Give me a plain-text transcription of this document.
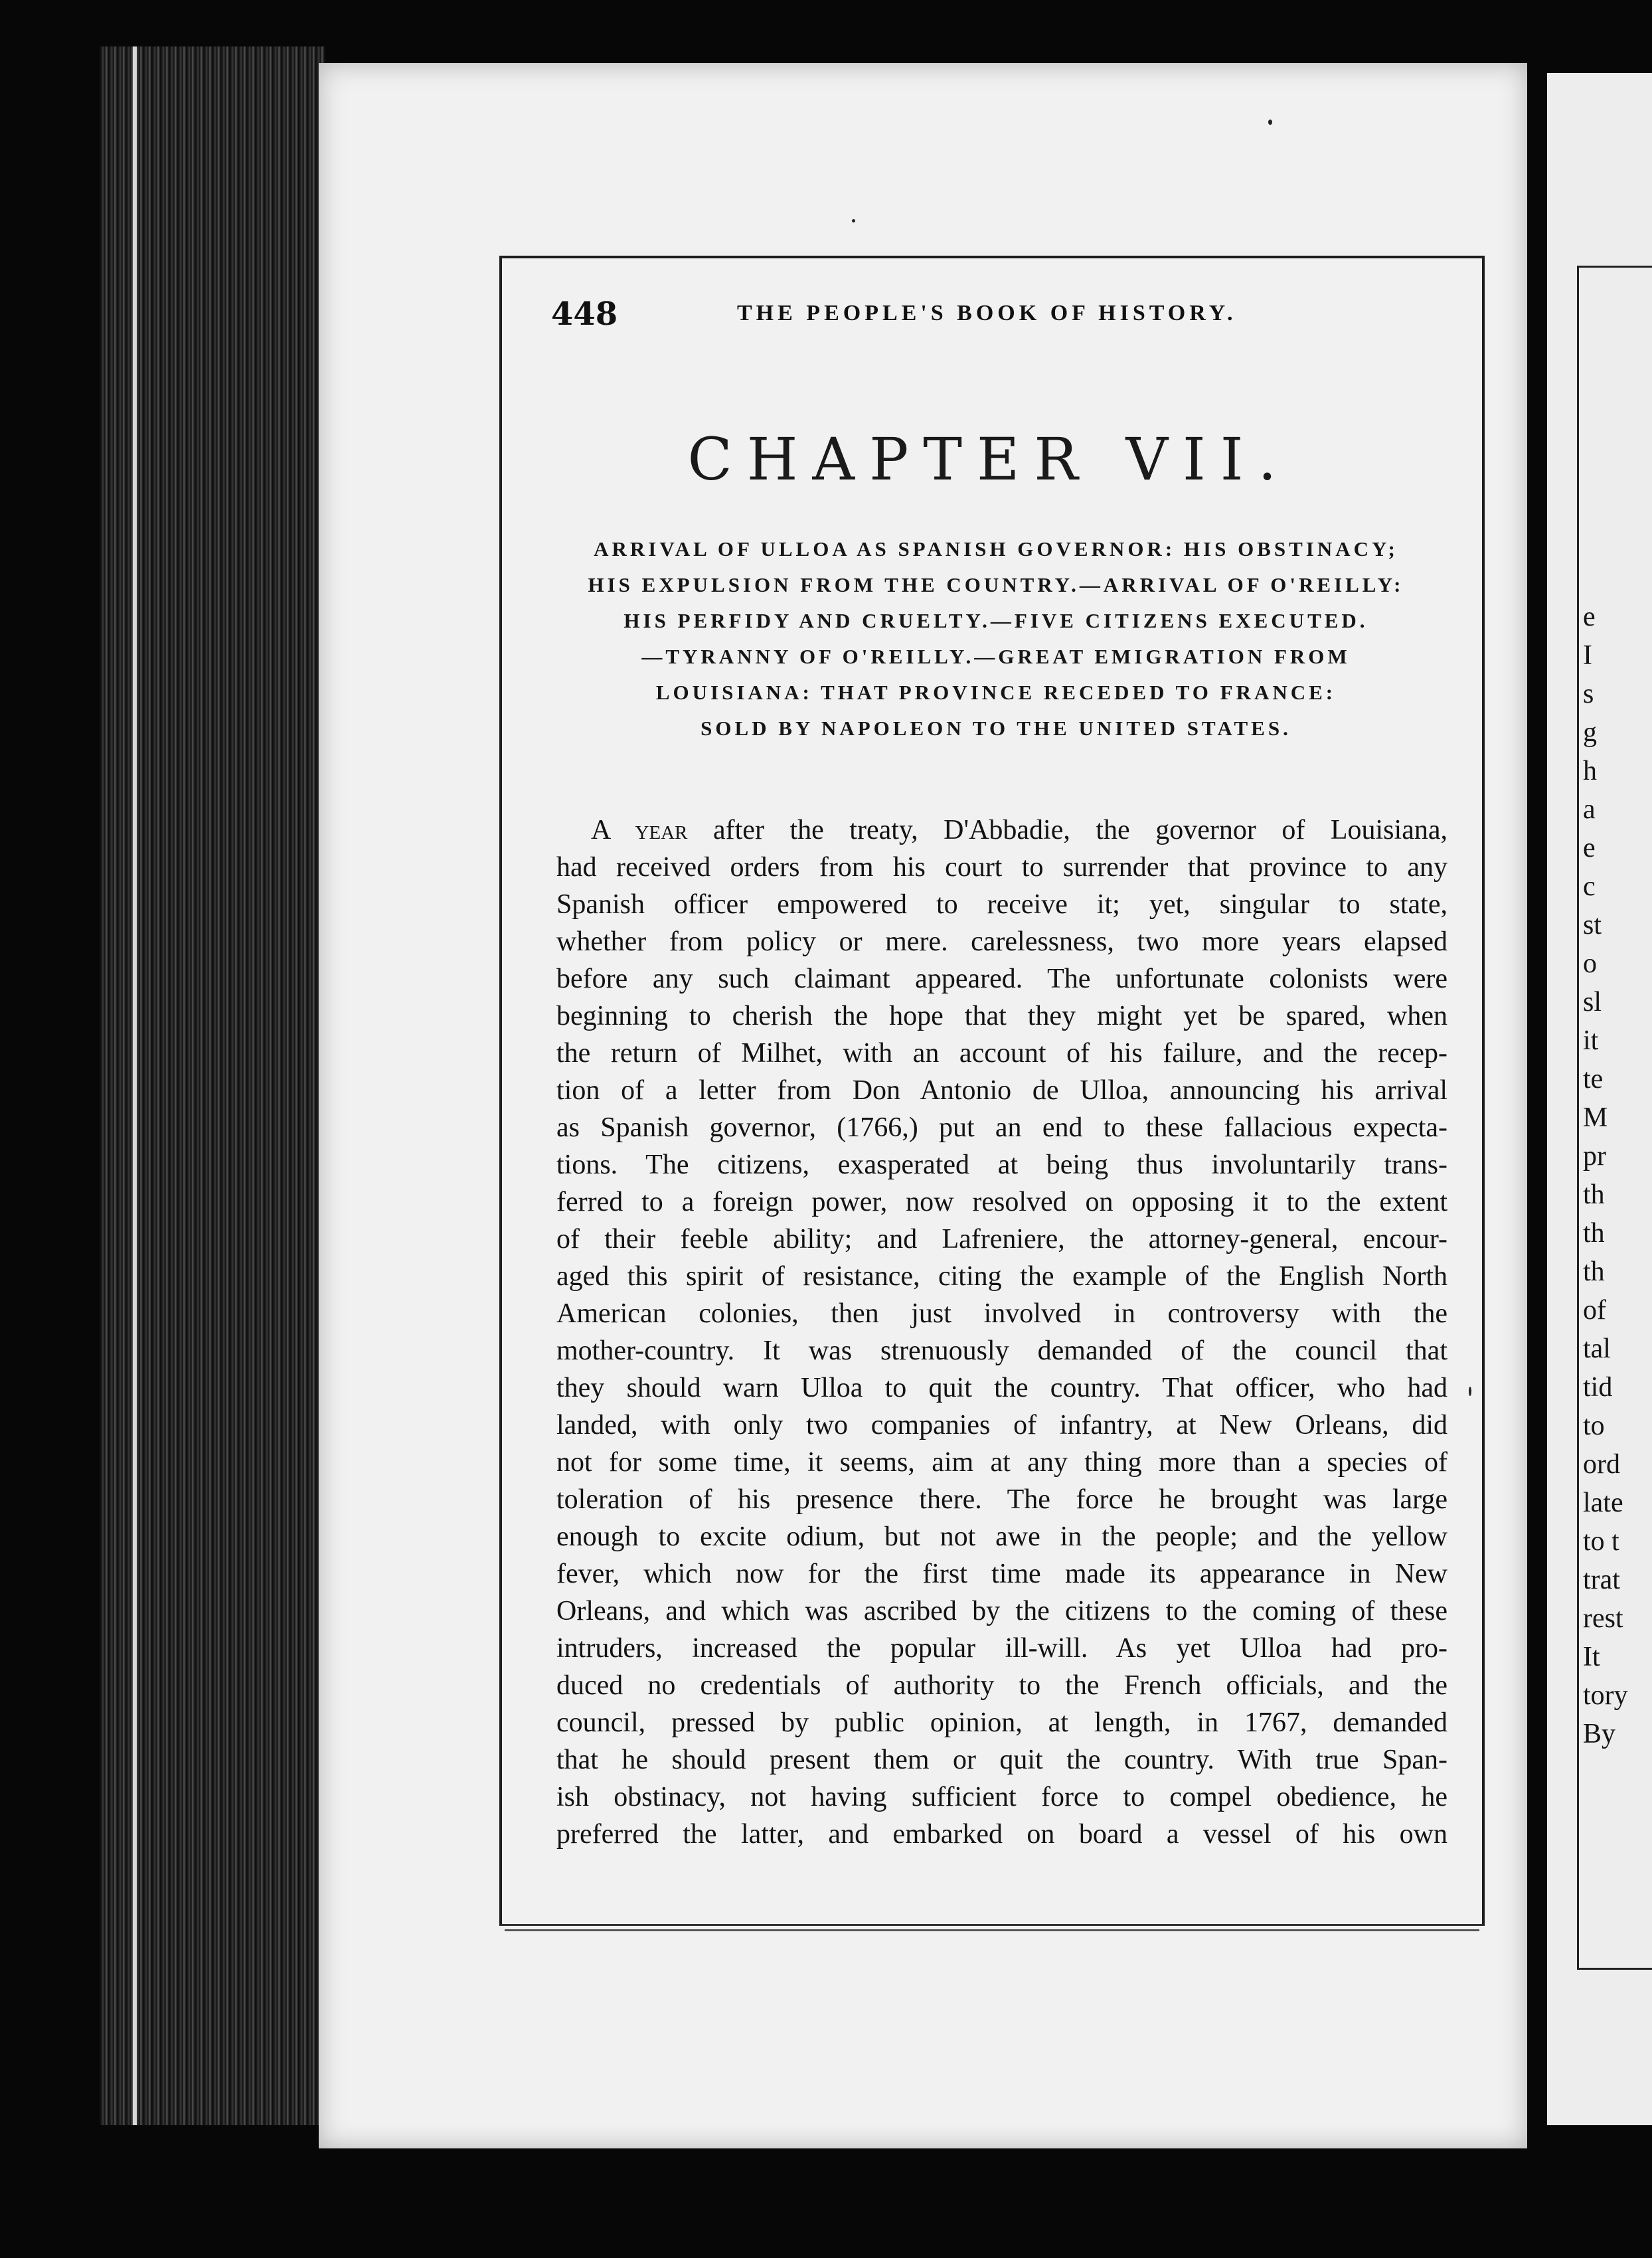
e
I
s
g
h
a
e
c
st
o
sl
it
te
M
pr
th
th
th
of
tal
tid
to
ord
late
to t
trat
rest
It
tory
By
448	THE PEOPLE'S BOOK OF HISTORY.
CHAPTER VII.
ARRIVAL OF ULLOA AS SPANISH GOVERNOR: HIS OBSTINACY;
HIS EXPULSION FROM THE COUNTRY.—ARRIVAL OF O'REILLY:
HIS PERFIDY AND CRUELTY.—FIVE CITIZENS EXECUTED.
—TYRANNY OF O'REILLY.—GREAT EMIGRATION FROM
LOUISIANA: THAT PROVINCE RECEDED TO FRANCE:
SOLD BY NAPOLEON TO THE UNITED STATES.
A year after the treaty, D'Abbadie, the governor of Louisiana,
had received orders from his court to surrender that province to any
Spanish officer empowered to receive it; yet, singular to state,
whether from policy or mere. carelessness, two more years elapsed
before any such claimant appeared. The unfortunate colonists were
beginning to cherish the hope that they might yet be spared, when
the return of Milhet, with an account of his failure, and the recep-
tion of a letter from Don Antonio de Ulloa, announcing his arrival
as Spanish governor, (1766,) put an end to these fallacious expecta-
tions. The citizens, exasperated at being thus involuntarily trans-
ferred to a foreign power, now resolved on opposing it to the extent
of their feeble ability; and Lafreniere, the attorney-general, encour-
aged this spirit of resistance, citing the example of the English North
American colonies, then just involved in controversy with the
mother-country. It was strenuously demanded of the council that
they should warn Ulloa to quit the country. That officer, who had
landed, with only two companies of infantry, at New Orleans, did
not for some time, it seems, aim at any thing more than a species of
toleration of his presence there. The force he brought was large
enough to excite odium, but not awe in the people; and the yellow
fever, which now for the first time made its appearance in New
Orleans, and which was ascribed by the citizens to the coming of these
intruders, increased the popular ill-will. As yet Ulloa had pro-
duced no credentials of authority to the French officials, and the
council, pressed by public opinion, at length, in 1767, demanded
that he should present them or quit the country. With true Span-
ish obstinacy, not having sufficient force to compel obedience, he
preferred the latter, and embarked on board a vessel of his own
